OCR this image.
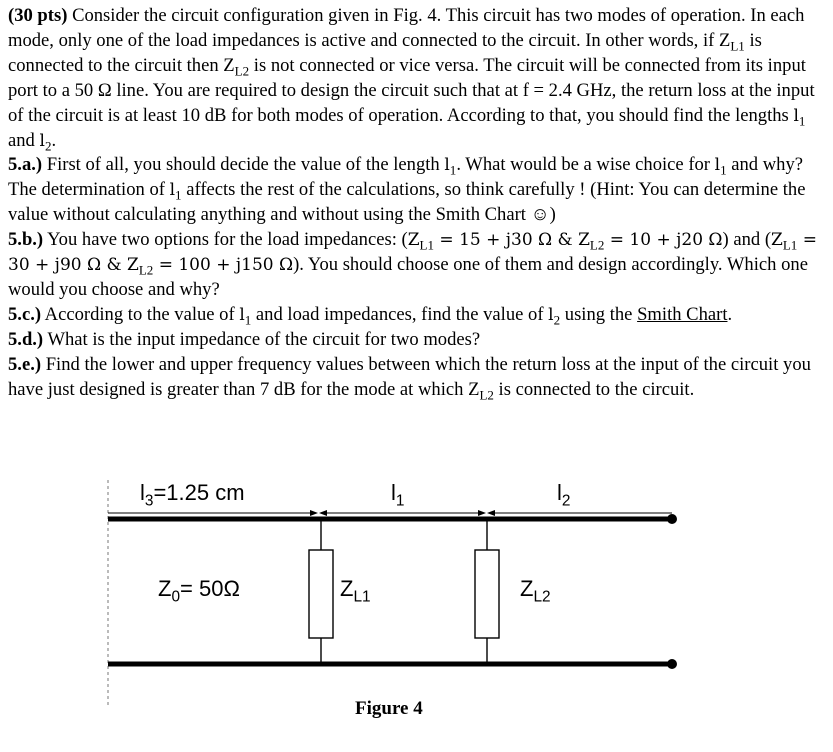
(30 pts) Consider the circuit configuration given in Fig. 4. This circuit has two modes of operation. In each mode, only one of the load impedances is active and connected to the circuit. In other words, if $Z_{L1}$ is connected to the circuit then $Z_{L2}$ is not connected or vice versa. The circuit will be connected from its input port to a 50 Ω line. You are required to design the circuit such that at f = 2.4 GHz, the return loss at the input of the circuit is at least 10 dB for both modes of operation. According to that, you should find the lengths $l_1$ and $l_2$.

5.a.) First of all, you should decide the value of the length $l_1$. What would be a wise choice for $l_1$ and why? The determination of $l_1$ affects the rest of the calculations, so think carefully ! (Hint: You can determine the value without calculating anything and without using the Smith Chart ☺)

5.b.) You have two options for the load impedances: ($Z_{L1} = 15 + j30$ Ω & $Z_{L2} = 10 + j20$ Ω) and ($Z_{L1} = 30 + j90$ Ω & $Z_{L2} = 100 + j150$ Ω). You should choose one of them and design accordingly. Which one would you choose and why?

5.c.) According to the value of $l_1$ and load impedances, find the value of $l_2$ using the Smith Chart.

5.d.) What is the input impedance of the circuit for two modes?

5.e.) Find the lower and upper frequency values between which the return loss at the input of the circuit you have just designed is greater than 7 dB for the mode at which $Z_{L2}$ is connected to the circuit.

$l_3=1.25$ cm	$l_1$	$l_2$
$Z_0= 50\Omega$	$Z_{L1}$	$Z_{L2}$
Figure 4
